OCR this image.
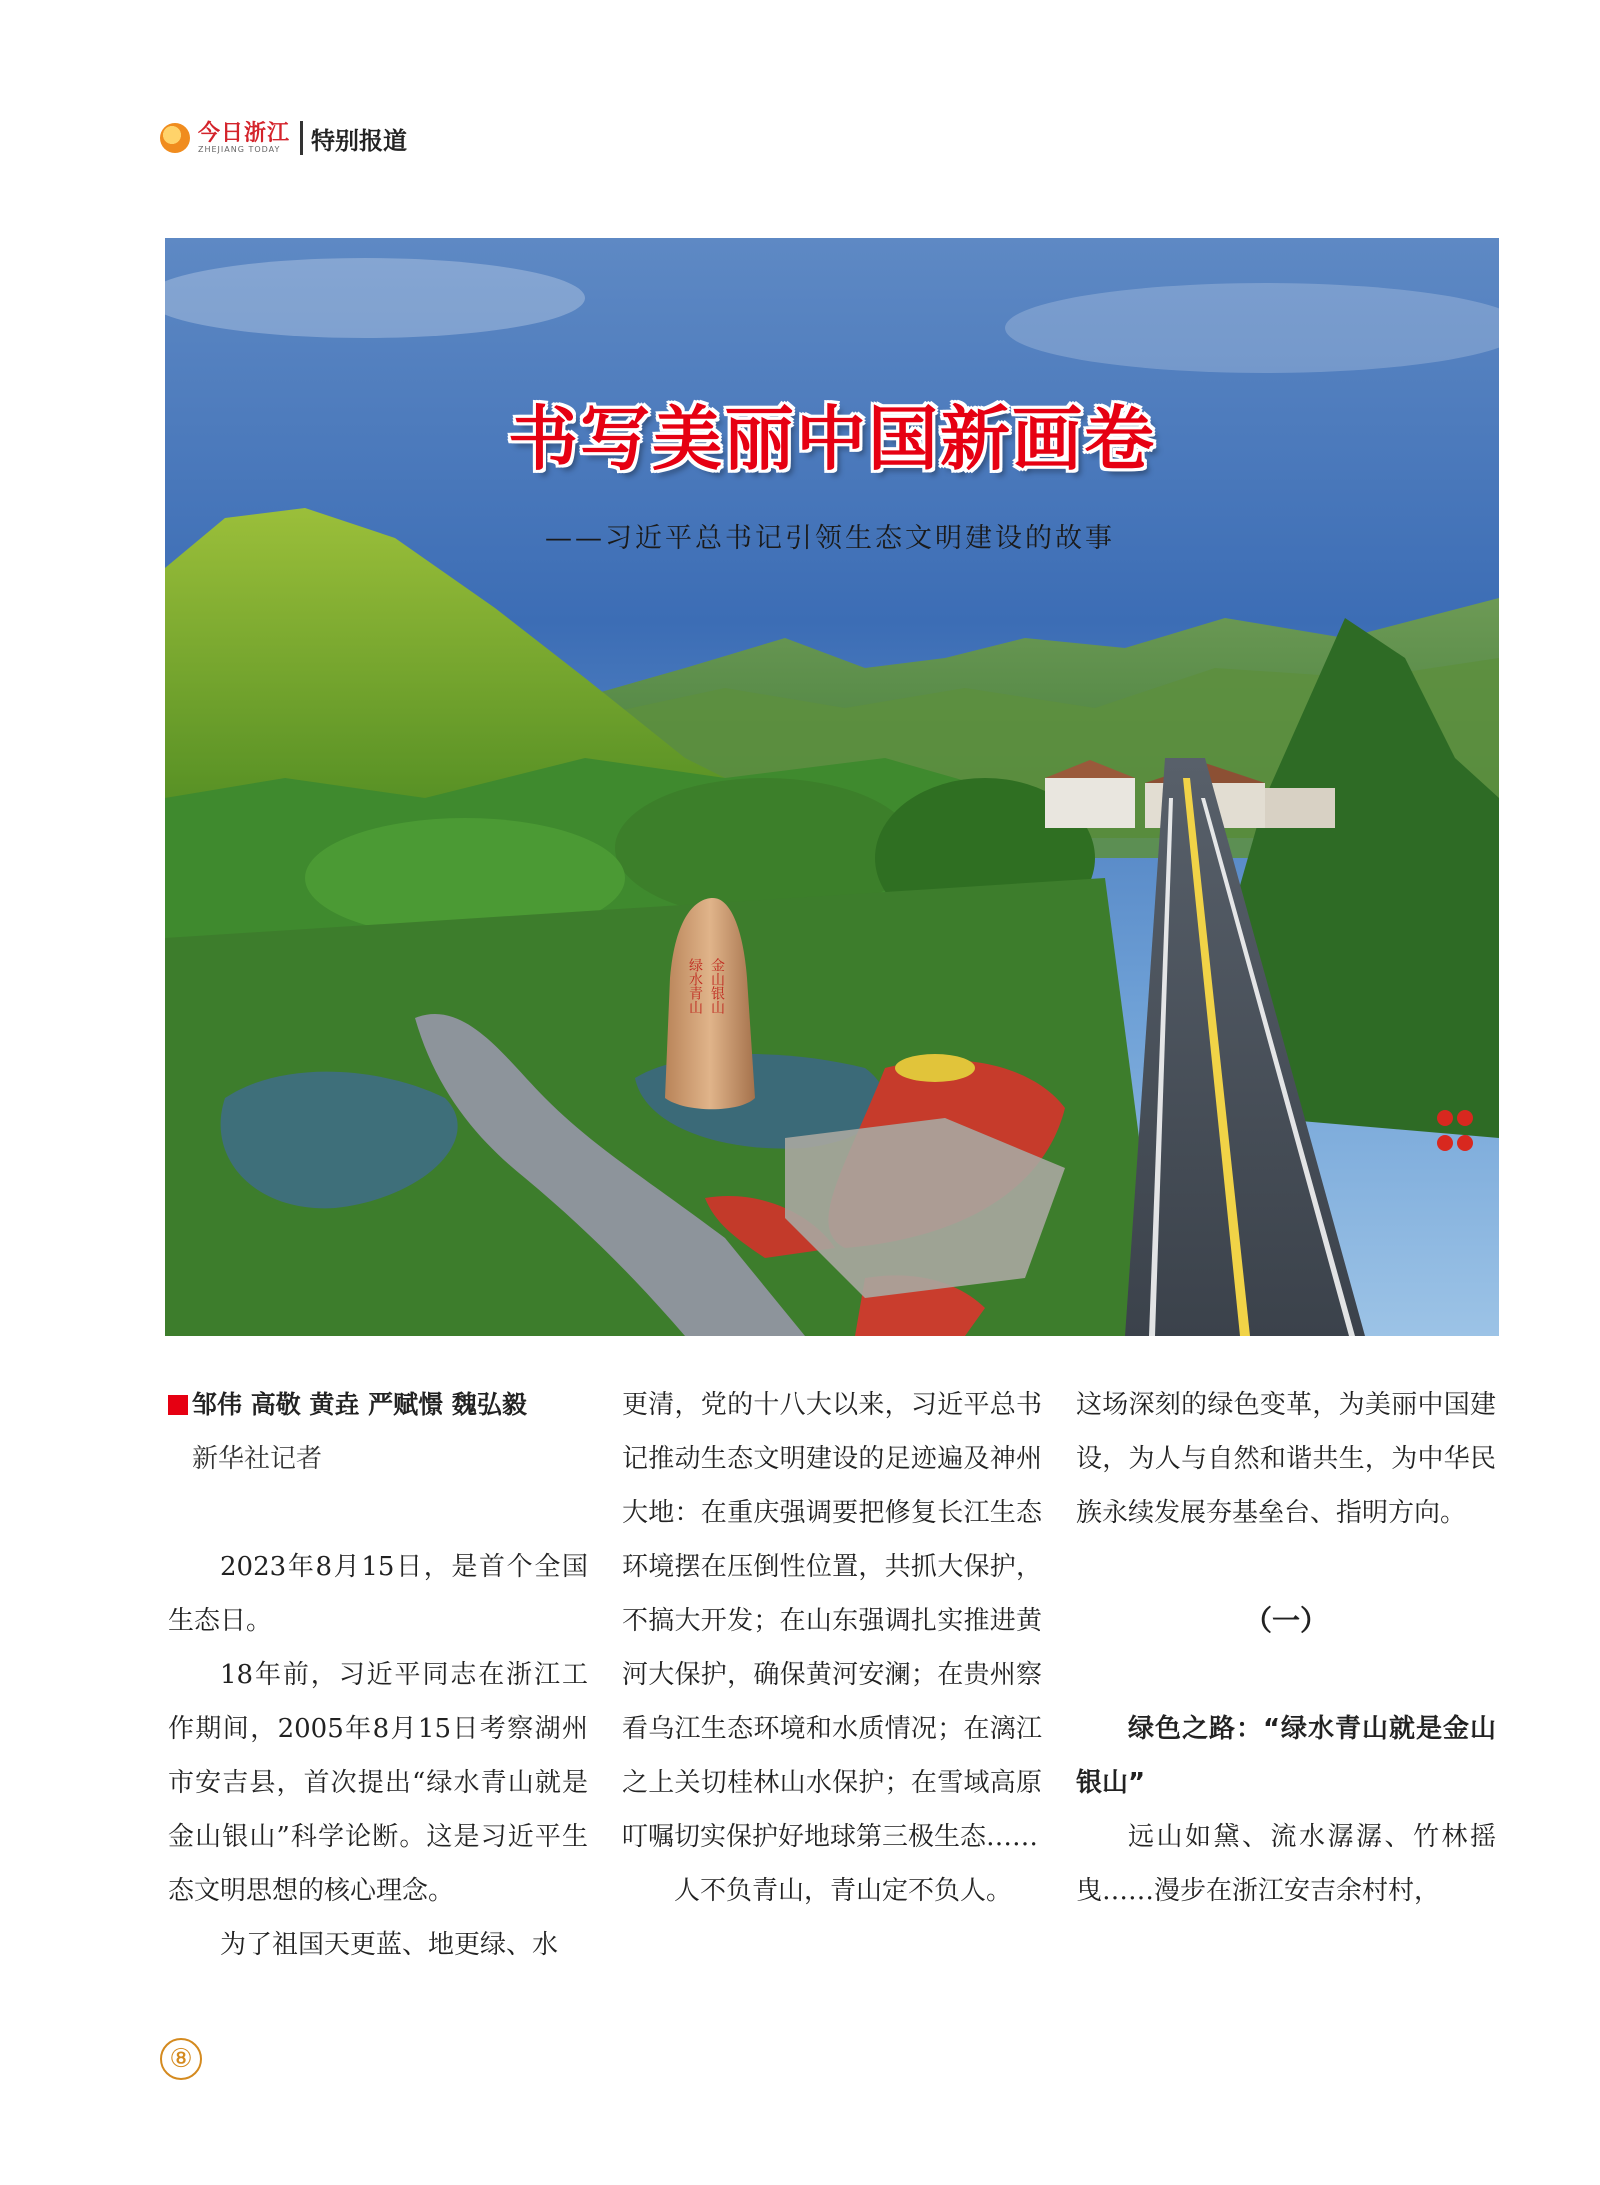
今日浙江
ZHEJIANG TODAY	特别报道
绿水青山 金山银山
书写美丽中国新画卷
——习近平总书记引领生态文明建设的故事
邹伟 高敬 黄垚 严赋憬 魏弘毅
新华社记者

2023年8月15日，是首个全国生态日。

18年前，习近平同志在浙江工作期间，2005年8月15日考察湖州市安吉县，首次提出“绿水青山就是金山银山”科学论断。这是习近平生态文明思想的核心理念。

为了祖国天更蓝、地更绿、水

更清，党的十八大以来，习近平总书记推动生态文明建设的足迹遍及神州大地：在重庆强调要把修复长江生态环境摆在压倒性位置，共抓大保护，不搞大开发；在山东强调扎实推进黄河大保护，确保黄河安澜；在贵州察看乌江生态环境和水质情况；在漓江之上关切桂林山水保护；在雪域高原叮嘱切实保护好地球第三极生态……

人不负青山，青山定不负人。

这场深刻的绿色变革，为美丽中国建设，为人与自然和谐共生，为中华民族永续发展夯基垒台、指明方向。

（一）

绿色之路：“绿水青山就是金山银山”

远山如黛、流水潺潺、竹林摇曳……漫步在浙江安吉余村村，

⑧
